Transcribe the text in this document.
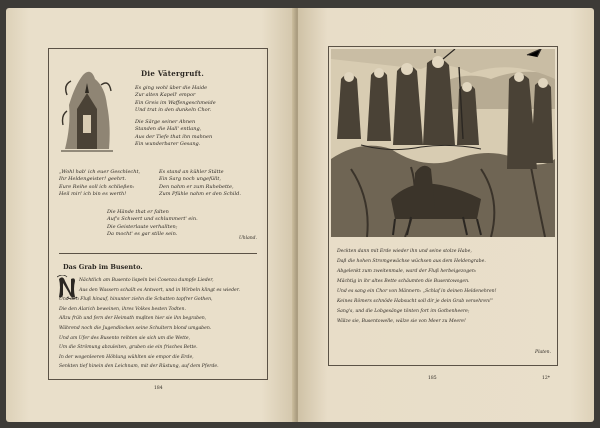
Die Vätergruft.
Es ging wohl über die Haide
Zur alten Kapell' empor
Ein Greis im Waffengeschmeide
Und trat in den dunkeln Chor.
Die Särge seiner Ahnen
Standen die Hall' entlang,
Aus der Tiefe that ihn mahnen
Ein wunderbarer Gesang.
„Wohl hab' ich euer Geschlecht,
Ihr Heldengeister! geehrt.
Eure Reihe soll ich schließen:
Heil mir! ich bin es werth!
Es stand an kühler Stätte
Ein Sarg noch ungefüllt,
Den nahm er zum Ruhebette,
Zum Pfühle nahm er den Schild.
Die Hände that er falten
Auf's Schwert und schlummert' ein.
Die Geisterlaute verhallten;
Da mocht' es gar stille sein.
Uhland.
Das Grab im Busento.
Nächtlich am Busento lispeln bei Cosenza dumpfe Lieder,
Aus den Wassern schallt es Antwort, und in Wirbeln klingt es wieder.
Und den Fluß hinauf, hinunter ziehn die Schatten tapfrer Gothen,
Die den Alarich beweinen, ihres Volkes besten Todten.
Allzu früh und fern der Heimath mußten hier sie ihn begraben,
Während noch die Jugendlocken seine Schultern blond umgaben.
Und am Ufer des Busento reihten sie sich um die Wette,
Um die Strömung abzuleiten, gruben sie ein frisches Bette.
In der wogenleeren Höhlung wühlten sie empor die Erde,
Senkten tief hinein den Leichnam, mit der Rüstung, auf dem Pferde.
184
Deckten dann mit Erde wieder ihn und seine stolze Habe,
Daß die hohen Stromgewächse wüchsen aus dem Heldengrabe.
Abgelenkt zum zweitenmale, ward der Fluß herbeigezogen:
Mächtig in ihr altes Bette schäumten die Busentowogen.
Und es sang ein Chor von Männern: „Schlaf in deinen Heldenehren!
Keines Römers schnöde Habsucht soll dir je dein Grab versehren!“
Sang's, und die Lobgesänge tönten fort im Gothenheere;
Wälze sie, Busentowelle, wälze sie von Meer zu Meere!
Platen.
185	12*
